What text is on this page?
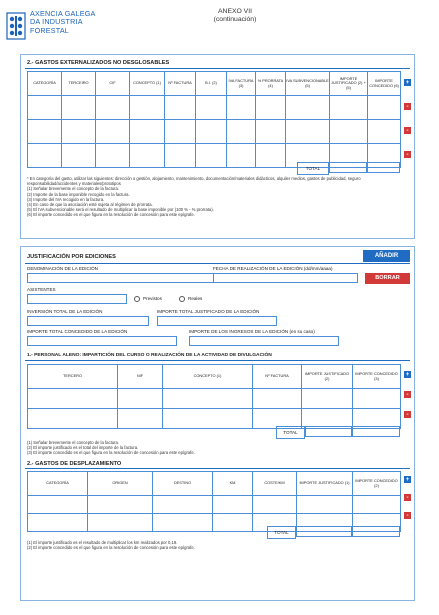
AXENCIA GALEGA
DA INDUSTRIA
FORESTAL
ANEXO VII
(continuación)
2.- GASTOS EXTERNALIZADOS NO DESGLOSABLES
CATEGORÍA	TERCEIRO	CIF	CONCEPTO (1)	Nº FACTURA	B.I. (2)	IVA FACTURA (3)	% PRORRATA (4)	IVA SUBVENCIONABLE (5)	IMPORTE JUSTIFICADO (2) + (5)	IMPORTE CONCEDIDO (6)

										+
-
-
-
TOTAL
* En categoría del gasto, utilizar las siguientes: dirección o gestión, alojamiento, mantenimiento, documentación/materiales didácticos, alquiler medios, gastos de publicidad, seguro responsabilidad/accidentes y materiales/prototipos
(1) Señalar brevemente el concepto de la factura.
(2) Importe de la base imponible recogido en la factura.
(3) Importe del IVA recogido en la factura.
(4) En caso de que la asociación esté sujeta al régimen de prorrata.
(5) El IVA subvencionable será el resultado de multiplicar la base imponible por (100 % - % prorrata).
(6) El importe concedido es el que figura en la resolución de concesión para este epígrafe.
JUSTIFICACIÓN POR EDICIONES	AÑADIR
DENOMINACIÓN DE LA EDICIÓN	FECHA DE REALIZACIÓN DE LA EDICIÓN (dd/mm/aaaa)
BORRAR
ASISTENTES
Previstos	Reales
INVERSIÓN TOTAL DE LA EDICIÓN	IMPORTE TOTAL JUSTIFICADO DE LA EDICIÓN
IMPORTE TOTAL CONCEDIDO DE LA EDICIÓN	IMPORTE DE LOS INGRESOS DE LA EDICIÓN (en su caso)
1.- PERSONAL ALENO: IMPARTICIÓN DEL CURSO O REALIZACIÓN DE LA ACTIVIDAD DE DIVULGACIÓN
TERCERO	NIF	CONCEPTO (1)	Nº FACTURA	IMPORTE JUSTIFICADO (2)	IMPORTE CONCEDIDO (3)

+
-
-
TOTAL
(1) Señalar brevemente el concepto de la factura.
(2) El importe justificado es el total del importe de la factura.
(3) El importe concedido es el que figura en la resolución de concesión para este epígrafe.
2.- GASTOS DE DESPLAZAMIENTO
CATEGORÍA	ORIGEN	DESTINO	KM	COSTE/KM	IMPORTE JUSTIFICADO (1)	IMPORTE CONCEDIDO (2)

+
-
-
TOTAL
(1) El importe justificado es el resultado de multiplicar los km realizados por 0,19.
(2) El importe concedido es el que figura en la resolución de concesión para este epígrafe.
